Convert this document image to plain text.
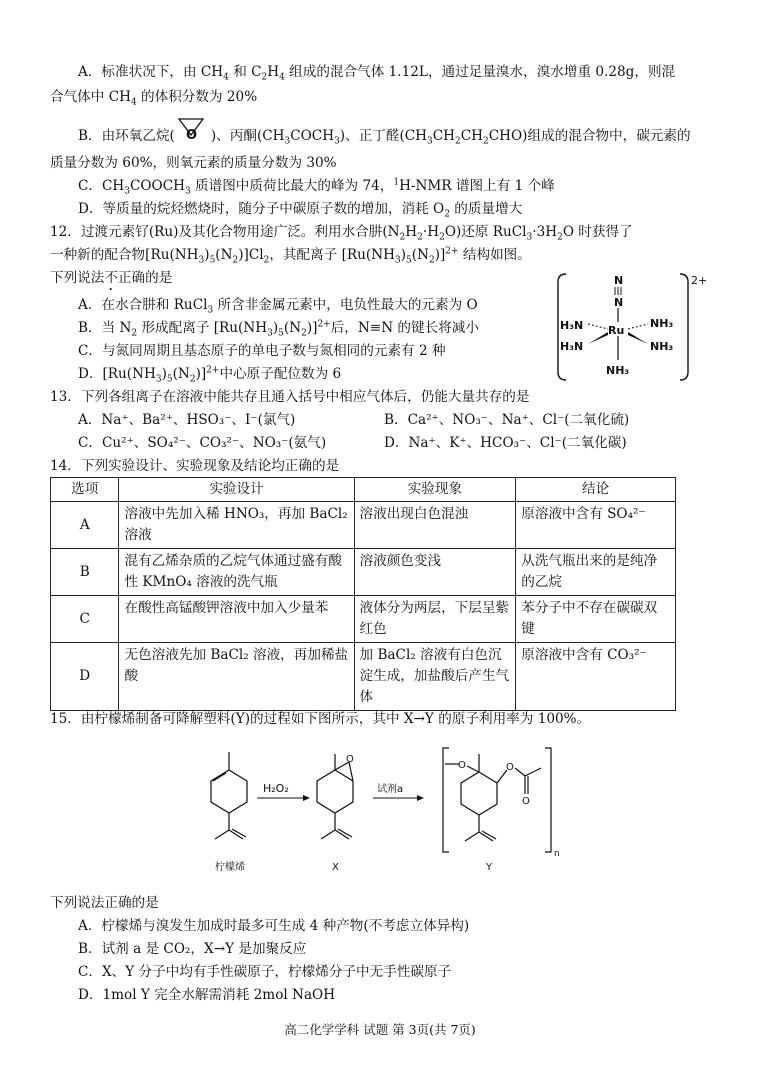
A．标准状况下，由 $CH_4$ 和 $C_2H_4$ 组成的混合气体 1.12L，通过足量溴水，溴水增重 0.28g，则混
合气体中 $CH_4$ 的体积分数为 20%
B．由环氧乙烷( O )、丙酮$(CH_3COCH_3)$、正丁醛$(CH_3CH_2CH_2CHO)$组成的混合物中，碳元素的
质量分数为 60%，则氧元素的质量分数为 30%
C．$CH_3COOCH_3$ 质谱图中质荷比最大的峰为 74，$^1$H-NMR 谱图上有 1 个峰
D．等质量的烷烃燃烧时，随分子中碳原子数的增加，消耗 $O_2$ 的质量增大
12．过渡元素钌(Ru)及其化合物用途广泛。利用水合肼$(N_2H_2\cdot H_2O)$还原 $RuCl_3\cdot 3H_2O$ 时获得了
一种新的配合物$[Ru(NH_3)_5(N_2)]Cl_2$，其配离子 $[Ru(NH_3)_5(N_2)]^{2+}$ 结构如图。
下列说法不正确的是
A．在水合肼和 RuCl$_3$ 所含非金属元素中，电负性最大的元素为 O
B．当 $N_2$ 形成配离子 $[Ru(NH_3)_5(N_2)]^{2+}$后，N≡N 的键长将减小
C．与氮同周期且基态原子的单电子数与氮相同的元素有 2 种
D．$[Ru(NH_3)_5(N_2)]^{2+}$中心原子配位数为 6
2+
N
N
Ru
H₃N
H₃N
NH₃
NH₃
NH₃
13．下列各组离子在溶液中能共存且通入括号中相应气体后，仍能大量共存的是
A．Na⁺、Ba²⁺、HSO₃⁻、I⁻(氯气)	B．Ca²⁺、NO₃⁻、Na⁺、Cl⁻(二氧化硫)
C．Cu²⁺、SO₄²⁻、CO₃²⁻、NO₃⁻(氨气)	D．Na⁺、K⁺、HCO₃⁻、Cl⁻(二氧化碳)
14．下列实验设计、实验现象及结论均正确的是
选项	实验设计	实验现象	结论
A	溶液中先加入稀 HNO₃，再加 BaCl₂ 溶液	溶液出现白色混浊	原溶液中含有 SO₄²⁻
B	混有乙烯杂质的乙烷气体通过盛有酸性 KMnO₄ 溶液的洗气瓶	溶液颜色变浅	从洗气瓶出来的是纯净的乙烷
C	在酸性高锰酸钾溶液中加入少量苯	液体分为两层，下层呈紫红色	苯分子中不存在碳碳双键
D	无色溶液先加 BaCl₂ 溶液，再加稀盐酸	加 BaCl₂ 溶液有白色沉淀生成，加盐酸后产生气体	原溶液中含有 CO₃²⁻
15．由柠檬烯制备可降解塑料(Y)的过程如下图所示，其中 X→Y 的原子利用率为 100%。
柠檬烯
H₂O₂
O
X
试剂a
O	O
O
n
Y
下列说法正确的是
A．柠檬烯与溴发生加成时最多可生成 4 种产物(不考虑立体异构)
B．试剂 a 是 CO₂，X→Y 是加聚反应
C．X、Y 分子中均有手性碳原子，柠檬烯分子中无手性碳原子
D．1mol Y 完全水解需消耗 2mol NaOH
高二化学学科 试题 第 3页(共 7页)
